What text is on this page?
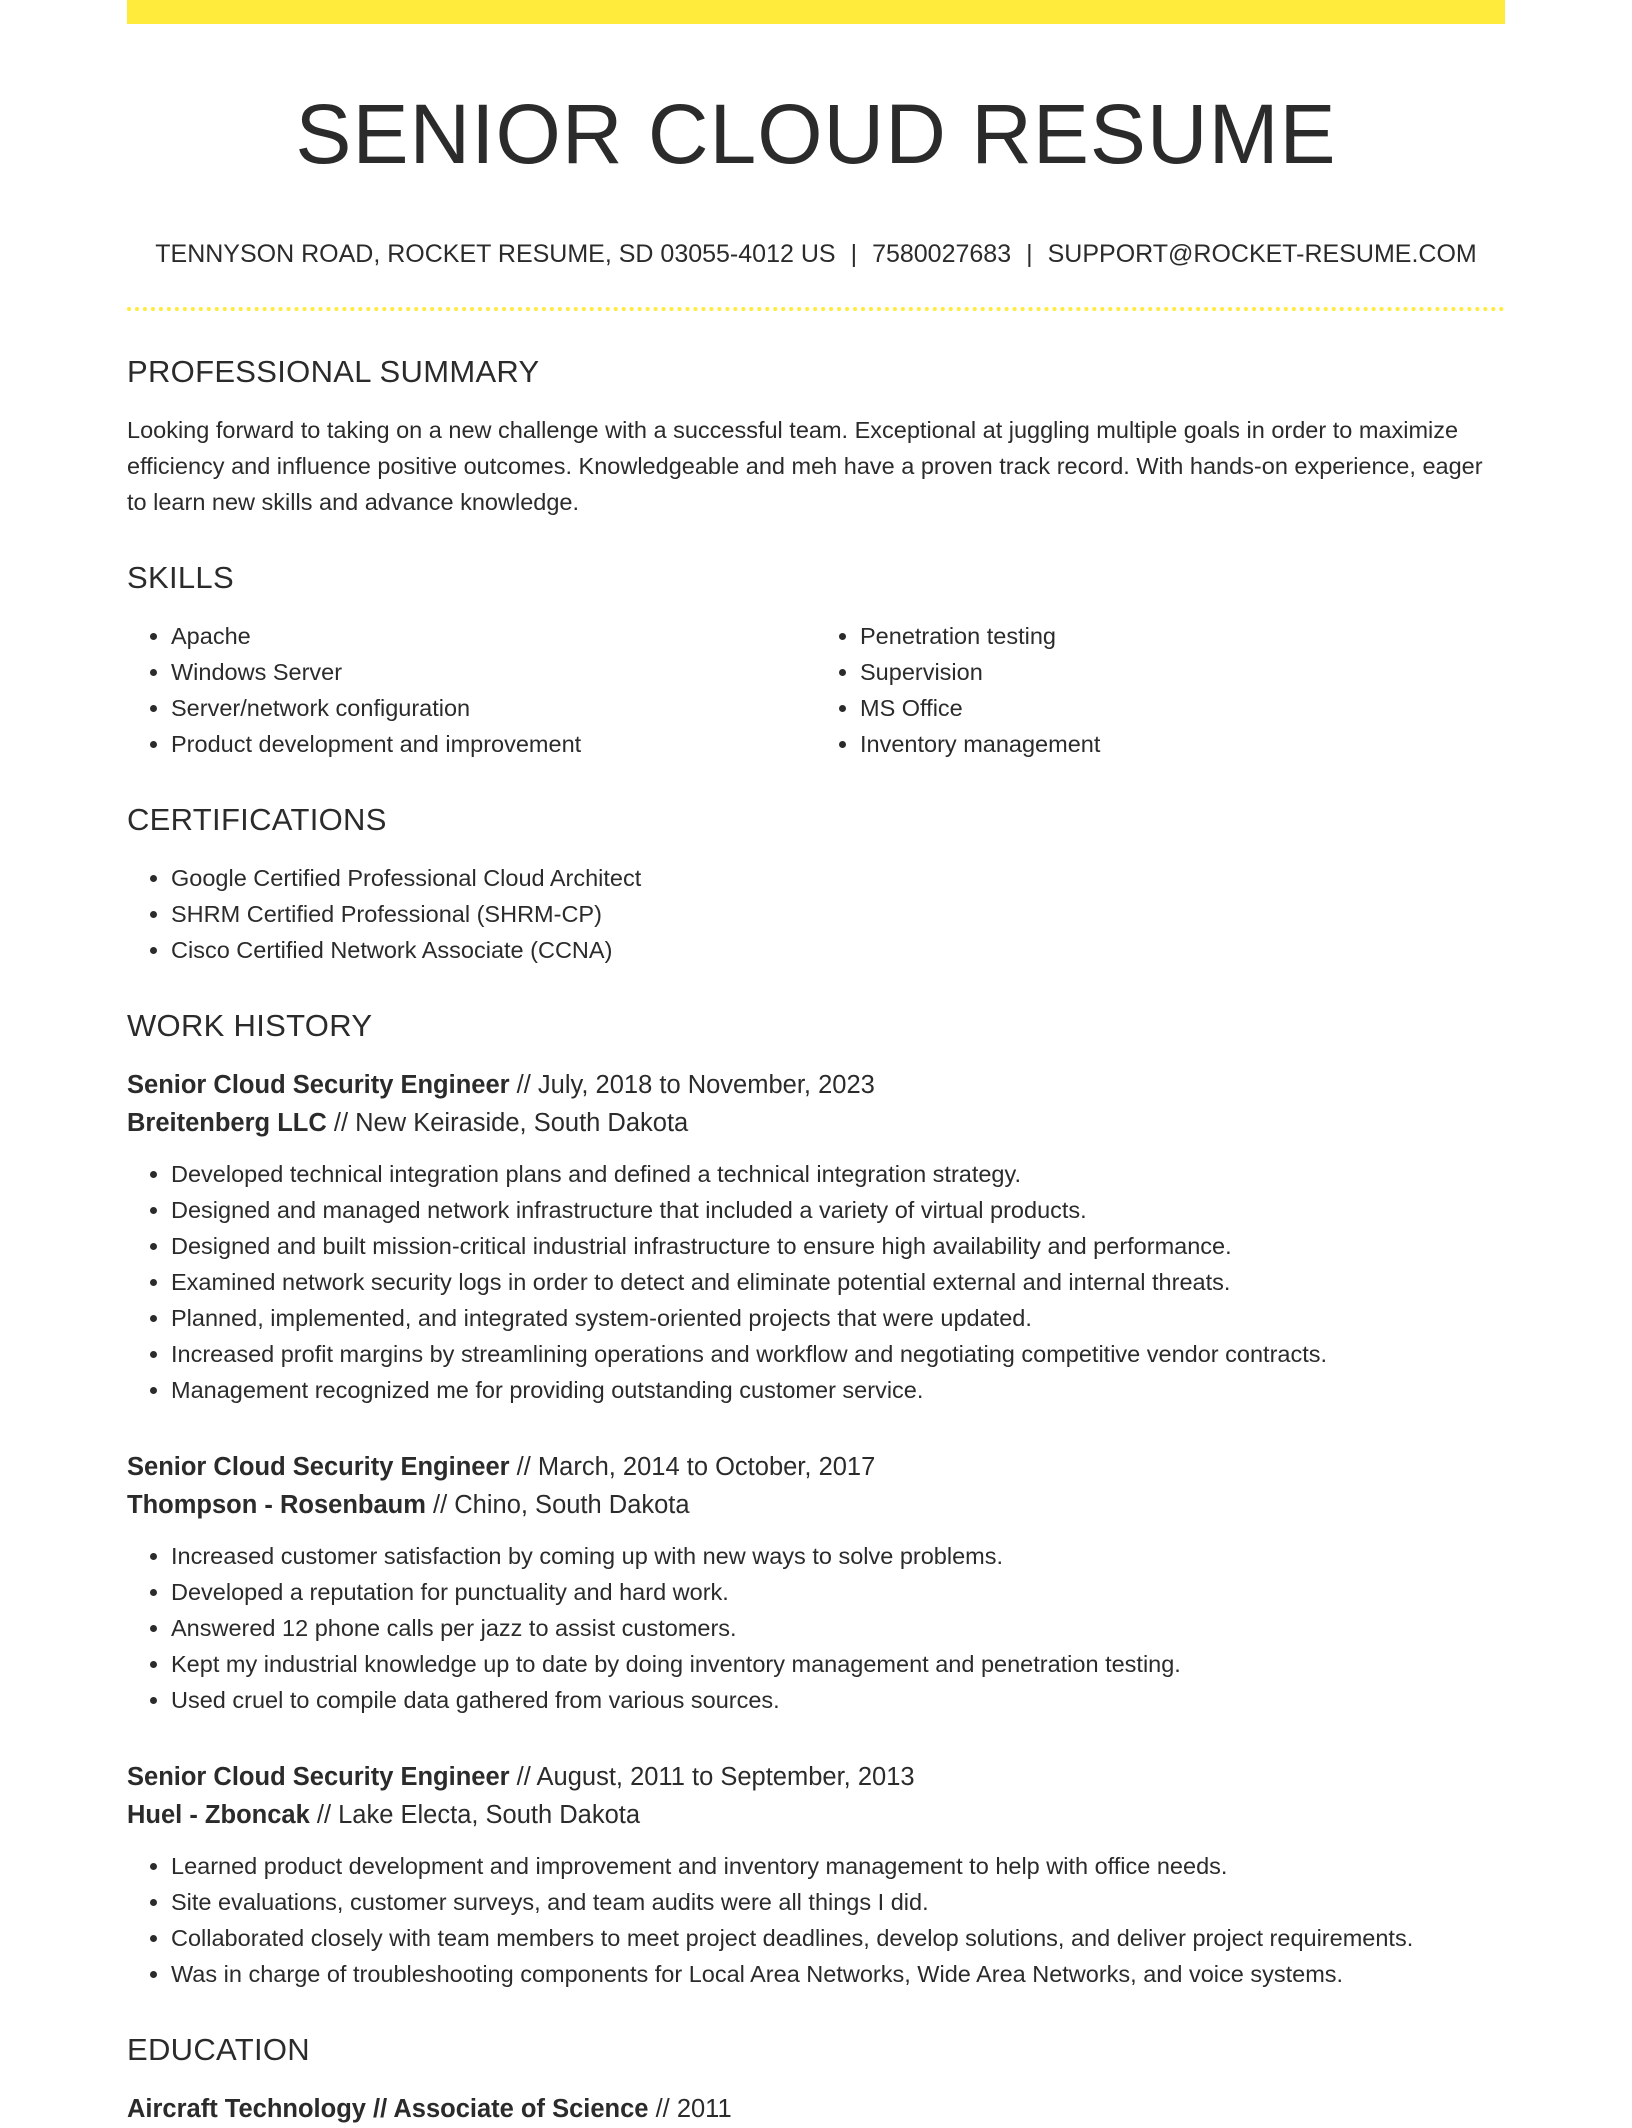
SENIOR CLOUD RESUME
TENNYSON ROAD, ROCKET RESUME, SD 03055-4012 US | 7580027683 | SUPPORT@ROCKET-RESUME.COM
PROFESSIONAL SUMMARY

Looking forward to taking on a new challenge with a successful team. Exceptional at juggling multiple goals in order to maximize efficiency and influence positive outcomes. Knowledgeable and meh have a proven track record. With hands-on experience, eager to learn new skills and advance knowledge.

SKILLS
• Apache
• Windows Server
• Server/network configuration
• Product development and improvement
• Penetration testing
• Supervision
• MS Office
• Inventory management
CERTIFICATIONS
• Google Certified Professional Cloud Architect
• SHRM Certified Professional (SHRM-CP)
• Cisco Certified Network Associate (CCNA)
WORK HISTORY
Senior Cloud Security Engineer // July, 2018 to November, 2023
Breitenberg LLC // New Keiraside, South Dakota
• Developed technical integration plans and defined a technical integration strategy.
• Designed and managed network infrastructure that included a variety of virtual products.
• Designed and built mission-critical industrial infrastructure to ensure high availability and performance.
• Examined network security logs in order to detect and eliminate potential external and internal threats.
• Planned, implemented, and integrated system-oriented projects that were updated.
• Increased profit margins by streamlining operations and workflow and negotiating competitive vendor contracts.
• Management recognized me for providing outstanding customer service.
Senior Cloud Security Engineer // March, 2014 to October, 2017
Thompson - Rosenbaum // Chino, South Dakota
• Increased customer satisfaction by coming up with new ways to solve problems.
• Developed a reputation for punctuality and hard work.
• Answered 12 phone calls per jazz to assist customers.
• Kept my industrial knowledge up to date by doing inventory management and penetration testing.
• Used cruel to compile data gathered from various sources.
Senior Cloud Security Engineer // August, 2011 to September, 2013
Huel - Zboncak // Lake Electa, South Dakota
• Learned product development and improvement and inventory management to help with office needs.
• Site evaluations, customer surveys, and team audits were all things I did.
• Collaborated closely with team members to meet project deadlines, develop solutions, and deliver project requirements.
• Was in charge of troubleshooting components for Local Area Networks, Wide Area Networks, and voice systems.
EDUCATION
Aircraft Technology // Associate of Science // 2011
